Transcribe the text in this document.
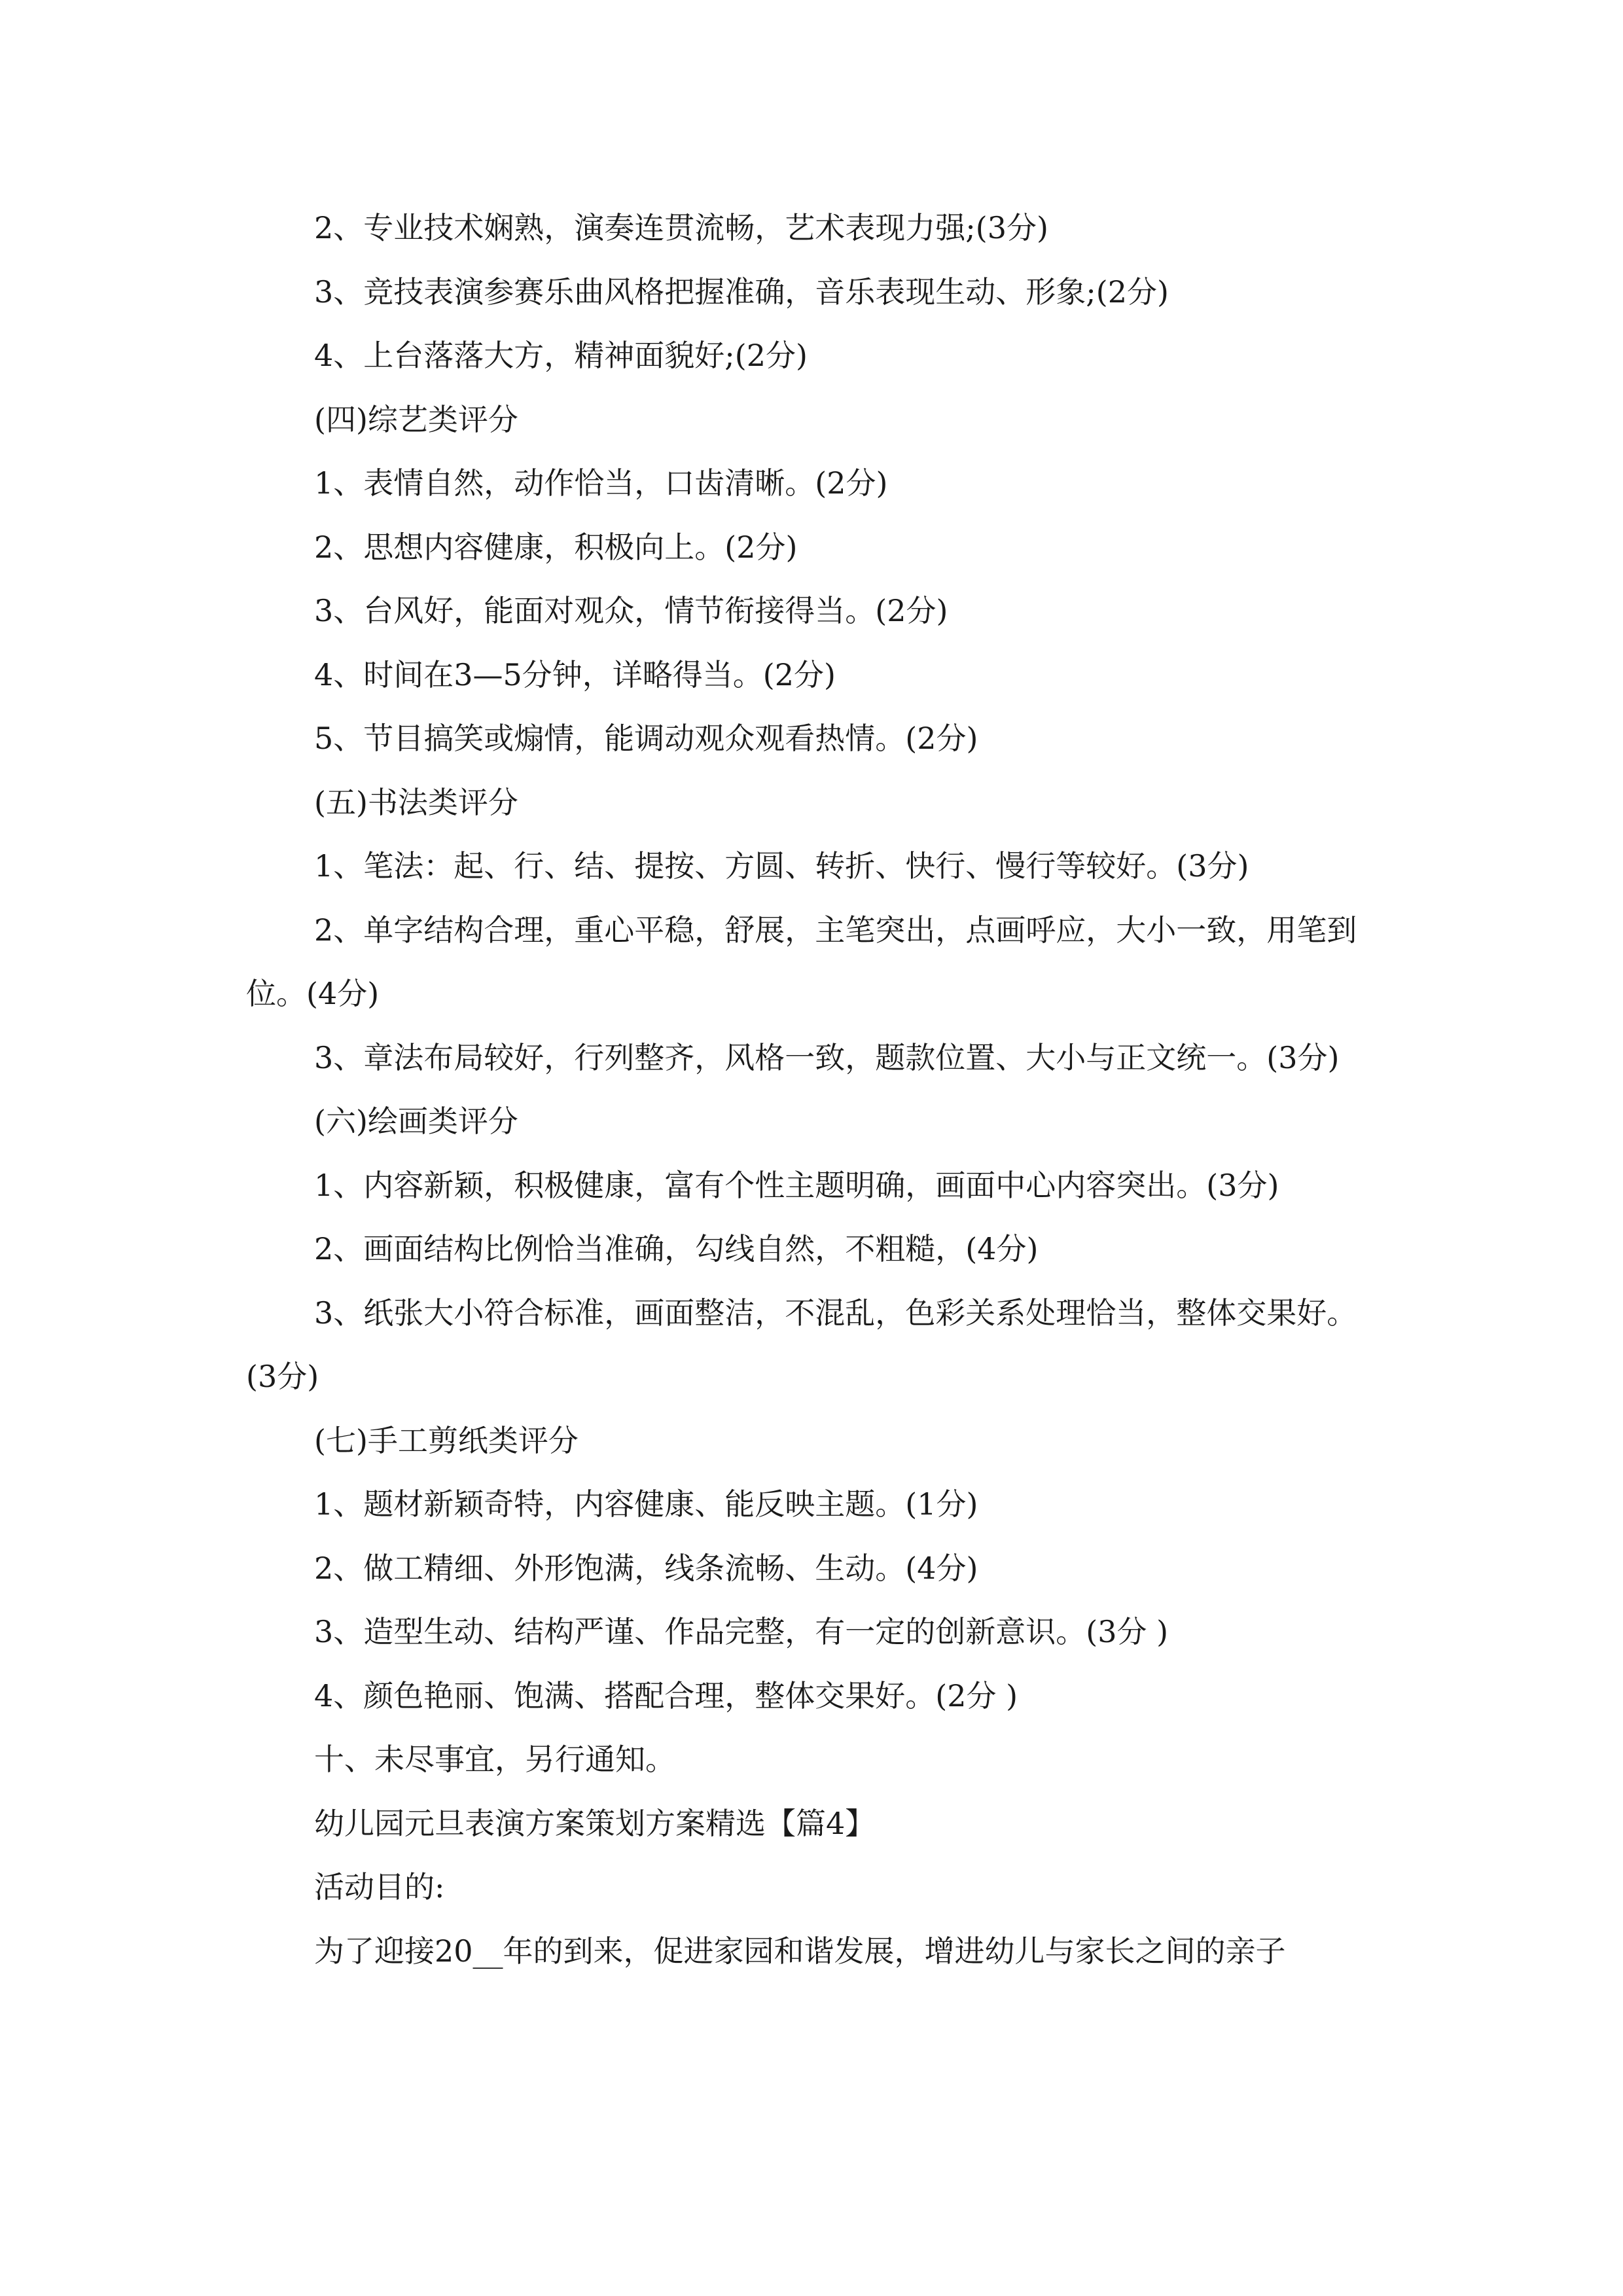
2、专业技术娴熟，演奏连贯流畅，艺术表现力强;(3分)

3、竞技表演参赛乐曲风格把握准确，音乐表现生动、形象;(2分)

4、上台落落大方，精神面貌好;(2分)

(四)综艺类评分

1、表情自然，动作恰当，口齿清晰。(2分)

2、思想内容健康，积极向上。(2分)

3、台风好，能面对观众，情节衔接得当。(2分)

4、时间在3—5分钟，详略得当。(2分)

5、节目搞笑或煽情，能调动观众观看热情。(2分)

(五)书法类评分

1、笔法：起、行、结、提按、方圆、转折、快行、慢行等较好。(3分)

2、单字结构合理，重心平稳，舒展，主笔突出，点画呼应，大小一致，用笔到位。(4分)

3、章法布局较好，行列整齐，风格一致，题款位置、大小与正文统一。(3分)

(六)绘画类评分

1、内容新颖，积极健康，富有个性主题明确，画面中心内容突出。(3分)

2、画面结构比例恰当准确，勾线自然，不粗糙，(4分)

3、纸张大小符合标准，画面整洁，不混乱，色彩关系处理恰当，整体交果好。(3分)

(七)手工剪纸类评分

1、题材新颖奇特，内容健康、能反映主题。(1分)

2、做工精细、外形饱满，线条流畅、生动。(4分)

3、造型生动、结构严谨、作品完整，有一定的创新意识。(3分 )

4、颜色艳丽、饱满、搭配合理，整体交果好。(2分 )

十、未尽事宜，另行通知。

幼儿园元旦表演方案策划方案精选【篇4】

活动目的:

为了迎接20__年的到来，促进家园和谐发展，增进幼儿与家长之间的亲子
